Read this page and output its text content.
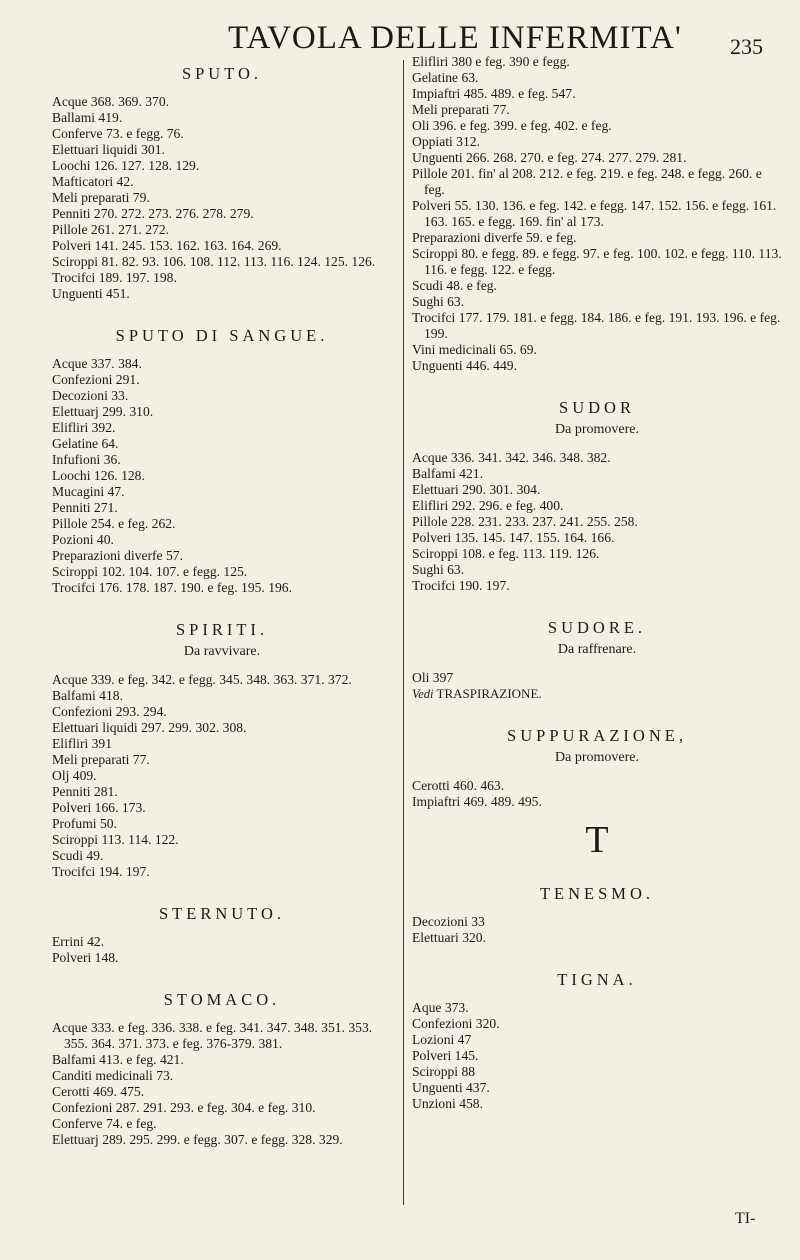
TAVOLA DELLE INFERMITA' 235
SPUTO.

Acque 368. 369. 370.

Ballami 419.

Conferve 73. e fegg. 76.

Elettuari liquidi 301.

Loochi 126. 127. 128. 129.

Mafticatori 42.

Meli preparati 79.

Penniti 270. 272. 273. 276. 278. 279.

Pillole 261. 271. 272.

Polveri 141. 245. 153. 162. 163. 164. 269.

Sciroppi 81. 82. 93. 106. 108. 112. 113. 116. 124. 125. 126.

Trocifci 189. 197. 198.

Unguenti 451.

SPUTO DI SANGUE.

Acque 337. 384.

Confezioni 291.

Decozioni 33.

Elettuarj 299. 310.

Elifliri 392.

Gelatine 64.

Infufioni 36.

Loochi 126. 128.

Mucagini 47.

Penniti 271.

Pillole 254. e feg. 262.

Pozioni 40.

Preparazioni diverfe 57.

Sciroppi 102. 104. 107. e fegg. 125.

Trocifci 176. 178. 187. 190. e feg. 195. 196.

SPIRITI.
Da ravvivare.

Acque 339. e feg. 342. e fegg. 345. 348. 363. 371. 372.

Balfami 418.

Confezioni 293. 294.

Elettuari liquidi 297. 299. 302. 308.

Elifliri 391

Meli preparati 77.

Olj 409.

Penniti 281.

Polveri 166. 173.

Profumi 50.

Sciroppi 113. 114. 122.

Scudi 49.

Trocifci 194. 197.

STERNUTO.

Errini 42.

Polveri 148.

STOMACO.

Acque 333. e feg. 336. 338. e feg. 341. 347. 348. 351. 353. 355. 364. 371. 373. e feg. 376-379. 381.

Balfami 413. e feg. 421.

Canditi medicinali 73.

Cerotti 469. 475.

Confezioni 287. 291. 293. e feg. 304. e feg. 310.

Conferve 74. e feg.

Elettuarj 289. 295. 299. e fegg. 307. e fegg. 328. 329.

Elifliri 380 e feg. 390 e fegg.

Gelatine 63.

Impiaftri 485. 489. e feg. 547.

Meli preparati 77.

Oli 396. e feg. 399. e feg. 402. e feg.

Oppiati 312.

Unguenti 266. 268. 270. e feg. 274. 277. 279. 281.

Pillole 201. fin' al 208. 212. e feg. 219. e feg. 248. e fegg. 260. e feg.

Polveri 55. 130. 136. e feg. 142. e fegg. 147. 152. 156. e fegg. 161. 163. 165. e fegg. 169. fin' al 173.

Preparazioni diverfe 59. e feg.

Sciroppi 80. e fegg. 89. e fegg. 97. e feg. 100. 102. e fegg. 110. 113. 116. e fegg. 122. e fegg.

Scudi 48. e feg.

Sughi 63.

Trocifci 177. 179. 181. e fegg. 184. 186. e feg. 191. 193. 196. e feg. 199.

Vini medicinali 65. 69.

Unguenti 446. 449.

SUDOR
Da promovere.

Acque 336. 341. 342. 346. 348. 382.

Balfami 421.

Elettuari 290. 301. 304.

Elifliri 292. 296. e feg. 400.

Pillole 228. 231. 233. 237. 241. 255. 258.

Polveri 135. 145. 147. 155. 164. 166.

Sciroppi 108. e feg. 113. 119. 126.

Sughi 63.

Trocifci 190. 197.

SUDORE.
Da raffrenare.

Oli 397

Vedi TRASPIRAZIONE.

SUPPURAZIONE,
Da promovere.

Cerotti 460. 463.

Impiaftri 469. 489. 495.

T
TENESMO.

Decozioni 33

Elettuari 320.

TIGNA.

Aque 373.

Confezioni 320.

Lozioni 47

Polveri 145.

Sciroppi 88

Unguenti 437.

Unzioni 458.

TI-
